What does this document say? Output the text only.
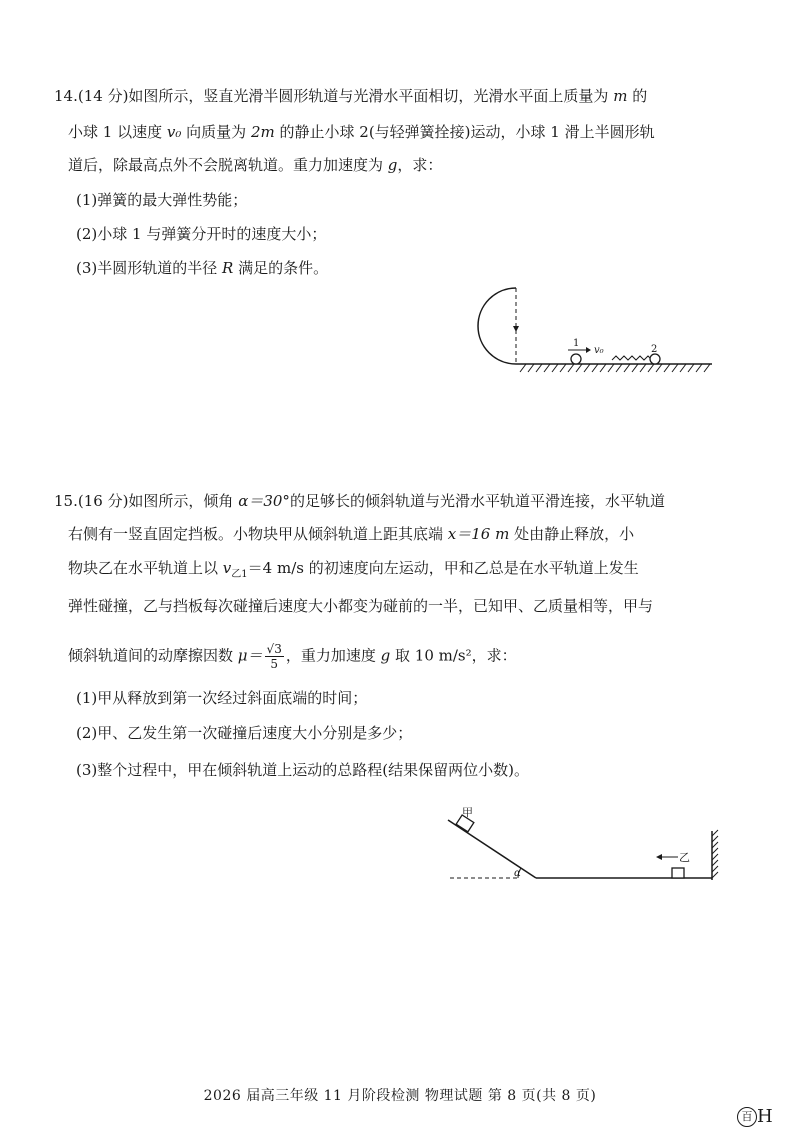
14.(14 分)如图所示，竖直光滑半圆形轨道与光滑水平面相切，光滑水平面上质量为 m 的
小球 1 以速度 v₀ 向质量为 2m 的静止小球 2(与轻弹簧拴接)运动，小球 1 滑上半圆形轨
道后，除最高点外不会脱离轨道。重力加速度为 g，求：
(1)弹簧的最大弹性势能；
(2)小球 1 与弹簧分开时的速度大小；
(3)半圆形轨道的半径 R 满足的条件。
1
v₀	2
15.(16 分)如图所示，倾角 α＝30°的足够长的倾斜轨道与光滑水平轨道平滑连接，水平轨道
右侧有一竖直固定挡板。小物块甲从倾斜轨道上距其底端 x＝16 m 处由静止释放，小
物块乙在水平轨道上以 $v_{乙1}=4$ m/s 的初速度向左运动，甲和乙总是在水平轨道上发生
弹性碰撞，乙与挡板每次碰撞后速度大小都变为碰前的一半，已知甲、乙质量相等，甲与
倾斜轨道间的动摩擦因数 $\mu= \frac{√3}{5}$ ，重力加速度 g 取 10 m/s²，求：
(1)甲从释放到第一次经过斜面底端的时间；
(2)甲、乙发生第一次碰撞后速度大小分别是多少；
(3)整个过程中，甲在倾斜轨道上运动的总路程(结果保留两位小数)。
甲
α
乙
2026 届高三年级 11 月阶段检测 物理试题 第 8 页(共 8 页)
百 H
